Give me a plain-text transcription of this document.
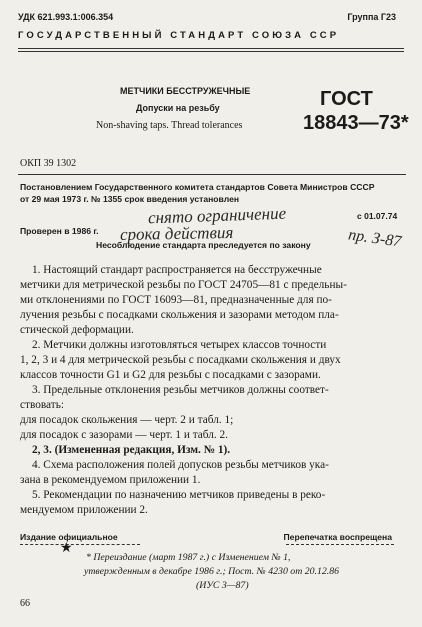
УДК 621.993.1:006.354	Группа Г23
ГОСУДАРСТВЕННЫЙ СТАНДАРТ СОЮЗА ССР
МЕТЧИКИ БЕССТРУЖЕЧНЫЕ
Допуски на резьбу
Non-shaving taps. Thread tolerances
ГОСТ
18843—73*
ОКП 39 1302
Постановлением Государственного комитета стандартов Совета Министров СССР
от 29 мая 1973 г. № 1355 срок введения установлен
снято ограничение	с 01.07.74
Проверен в 1986 г. срока действия	пр. З-87
Несоблюдение стандарта преследуется по закону
1. Настоящий стандарт распространяется на бесстружечные
метчики для метрической резьбы по ГОСТ 24705—81 с предельны-
ми отклонениями по ГОСТ 16093—81, предназначенные для по-
лучения резьбы с посадками скольжения и зазорами методом пла-
стической деформации.
2. Метчики должны изготовляться четырех классов точности
1, 2, 3 и 4 для метрической резьбы с посадками скольжения и двух
классов точности G1 и G2 для резьбы с посадками с зазорами.
3. Предельные отклонения резьбы метчиков должны соответ-
ствовать:
для посадок скольжения — черт. 2 и табл. 1;
для посадок с зазорами — черт. 1 и табл. 2.
2, 3. (Измененная редакция, Изм. № 1).
4. Схема расположения полей допусков резьбы метчиков ука-
зана в рекомендуемом приложении 1.
5. Рекомендации по назначению метчиков приведены в реко-
мендуемом приложении 2.
Издание официальное	Перепечатка воспрещена
★
* Переиздание (март 1987 г.) с Изменением № 1,
утвержденным в декабре 1986 г.; Пост. № 4230 от 20.12.86
(ИУС 3—87)
66
